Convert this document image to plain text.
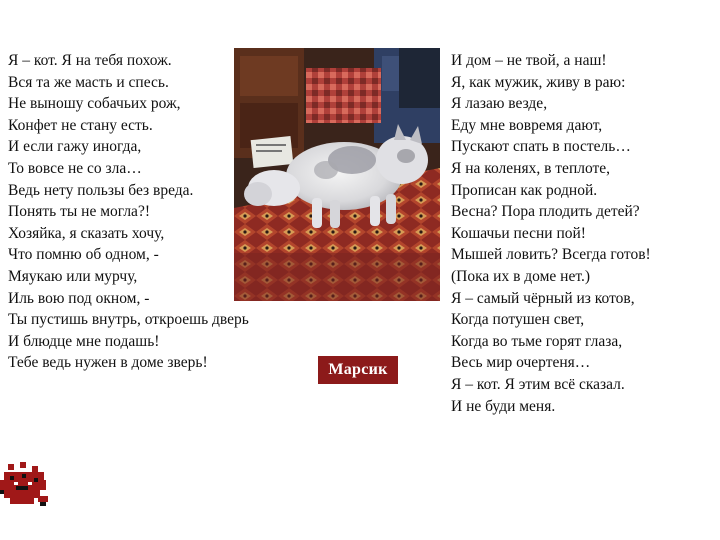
Я – кот. Я на тебя похож.
Вся та же масть и спесь.
Не выношу собачьих рож,
Конфет не стану есть.
И если гажу иногда,
То вовсе не со зла…
Ведь нету пользы без вреда.
Понять ты не могла?!
Хозяйка, я сказать хочу,
Что помню об одном, -
Мяукаю или мурчу,
Иль вою под окном, -
Ты пустишь внутрь, откроешь дверь
И блюдце мне подашь!
Тебе ведь нужен в доме зверь!	Марсик
И дом – не твой, а наш!
Я, как мужик, живу в раю:
Я лазаю везде,
Еду мне вовремя дают,
Пускают спать в постель…
Я на коленях, в теплоте,
Прописан как родной.
Весна? Пора плодить детей?
Кошачьи песни пой!
Мышей ловить? Всегда готов!
(Пока их в доме нет.)
Я – самый чёрный из котов,
Когда потушен свет,
Когда во тьме горят глаза,
Весь мир очертеня…
Я – кот. Я этим всё сказал.
И не буди меня.
